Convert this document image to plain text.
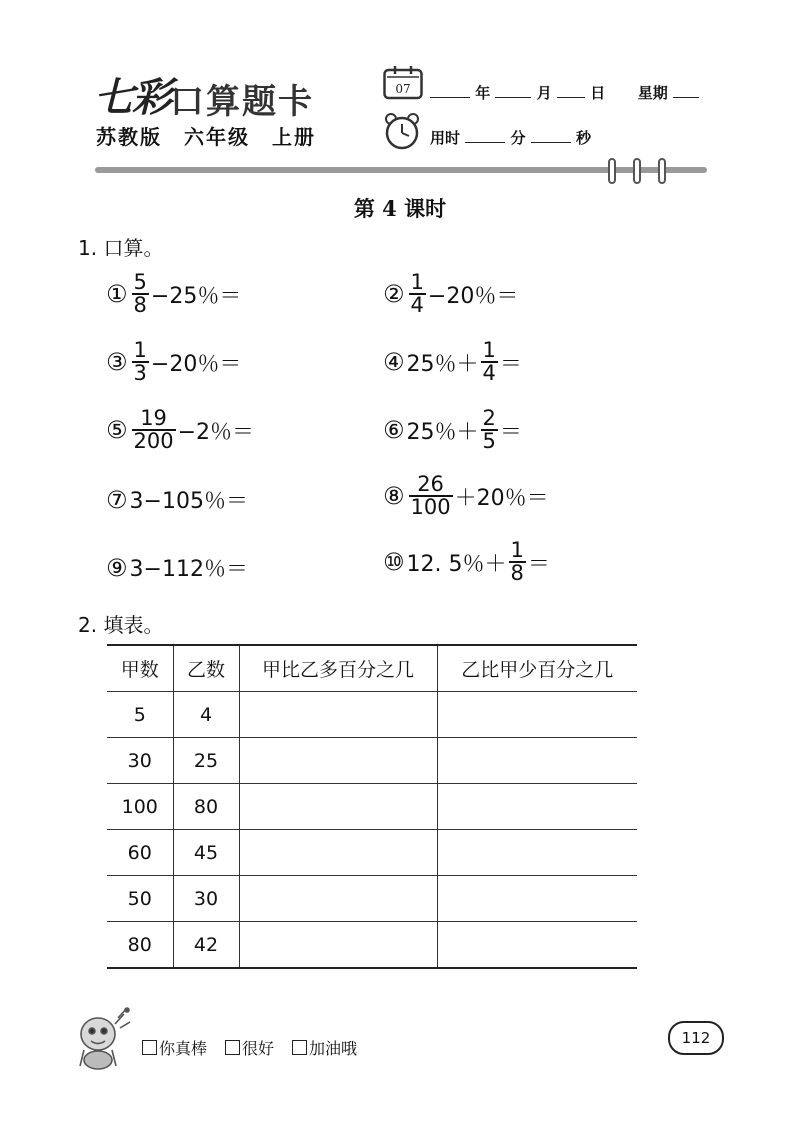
七彩 口算题卡
苏教版　六年级　上册
07	年	月	日 星期
用时	分	秒
第 4 课时
1. 口算。
① $\frac{5}{8} -25$％＝	② $\frac{1}{4} -20$％＝
③ $\frac{1}{3} -20$％＝	④ 25％＋ $\frac{1}{4}$ ＝
⑤ $\frac{19}{200} -2$％＝	⑥ 25％＋ $\frac{2}{5}$ ＝
⑦ 3−105％＝	⑧ $\frac{26}{100} +20$％＝
⑨ 3−112％＝	⑩ 12. 5％＋ $\frac{1}{8}$ ＝
2. 填表。
甲数	乙数	甲比乙多百分之几	乙比甲少百分之几
5	4		
30	25		
100	80		
60	45		
50	30		
80	42		
你真棒 很好 加油哦
112
